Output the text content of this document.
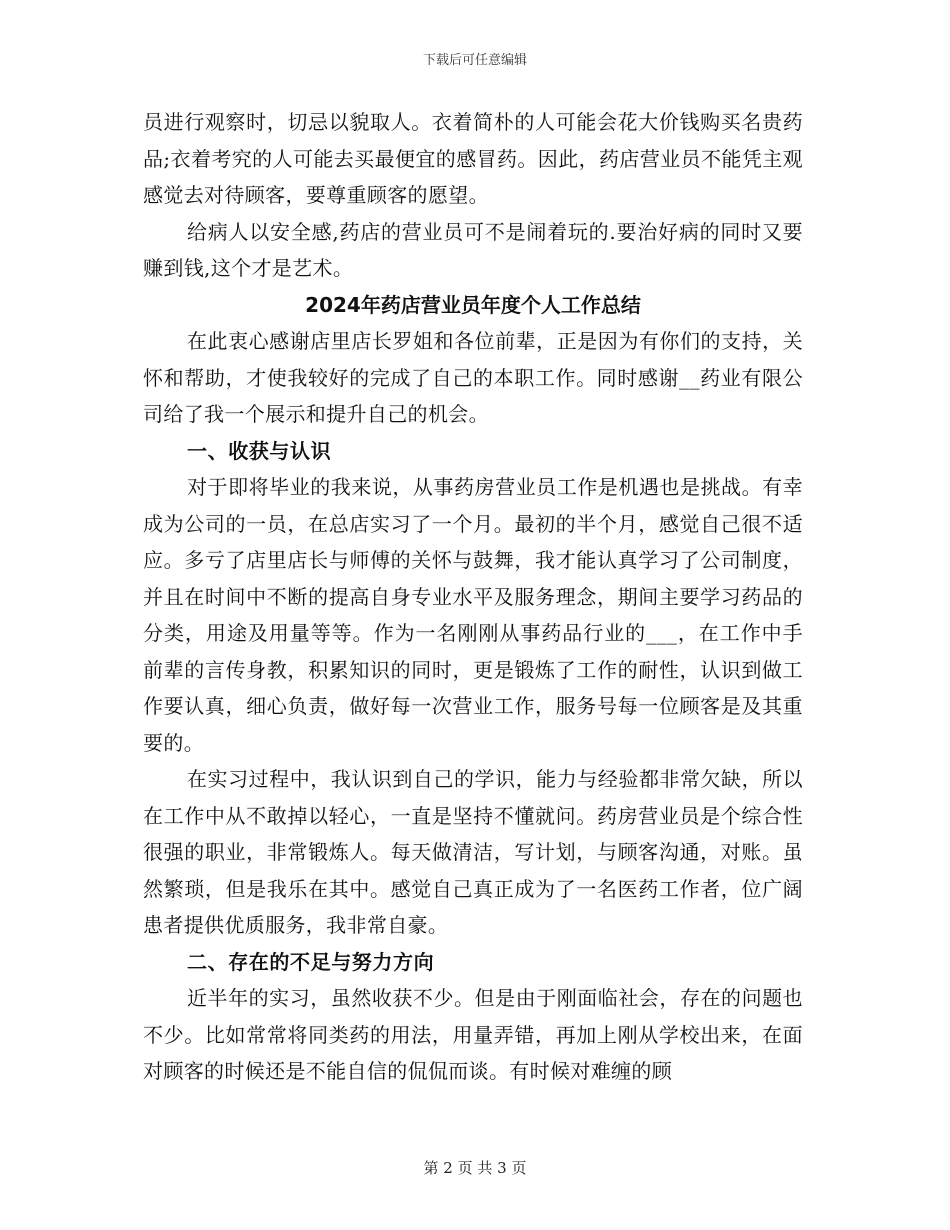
下载后可任意编辑

员进行观察时，切忌以貌取人。衣着简朴的人可能会花大价钱购买名贵药品;衣着考究的人可能去买最便宜的感冒药。因此，药店营业员不能凭主观感觉去对待顾客，要尊重顾客的愿望。

给病人以安全感,药店的营业员可不是闹着玩的.要治好病的同时又要赚到钱,这个才是艺术。

2024年药店营业员年度个人工作总结

在此衷心感谢店里店长罗姐和各位前辈，正是因为有你们的支持，关怀和帮助，才使我较好的完成了自己的本职工作。同时感谢__药业有限公司给了我一个展示和提升自己的机会。

一、收获与认识

对于即将毕业的我来说，从事药房营业员工作是机遇也是挑战。有幸成为公司的一员，在总店实习了一个月。最初的半个月，感觉自己很不适应。多亏了店里店长与师傅的关怀与鼓舞，我才能认真学习了公司制度，并且在时间中不断的提高自身专业水平及服务理念，期间主要学习药品的分类，用途及用量等等。作为一名刚刚从事药品行业的___，在工作中手前辈的言传身教，积累知识的同时，更是锻炼了工作的耐性，认识到做工作要认真，细心负责，做好每一次营业工作，服务号每一位顾客是及其重要的。

在实习过程中，我认识到自己的学识，能力与经验都非常欠缺，所以在工作中从不敢掉以轻心，一直是坚持不懂就问。药房营业员是个综合性很强的职业，非常锻炼人。每天做清洁，写计划，与顾客沟通，对账。虽然繁琐，但是我乐在其中。感觉自己真正成为了一名医药工作者，位广阔患者提供优质服务，我非常自豪。

二、存在的不足与努力方向

近半年的实习，虽然收获不少。但是由于刚面临社会，存在的问题也不少。比如常常将同类药的用法，用量弄错，再加上刚从学校出来，在面对顾客的时候还是不能自信的侃侃而谈。有时候对难缠的顾

第 2 页 共 3 页
